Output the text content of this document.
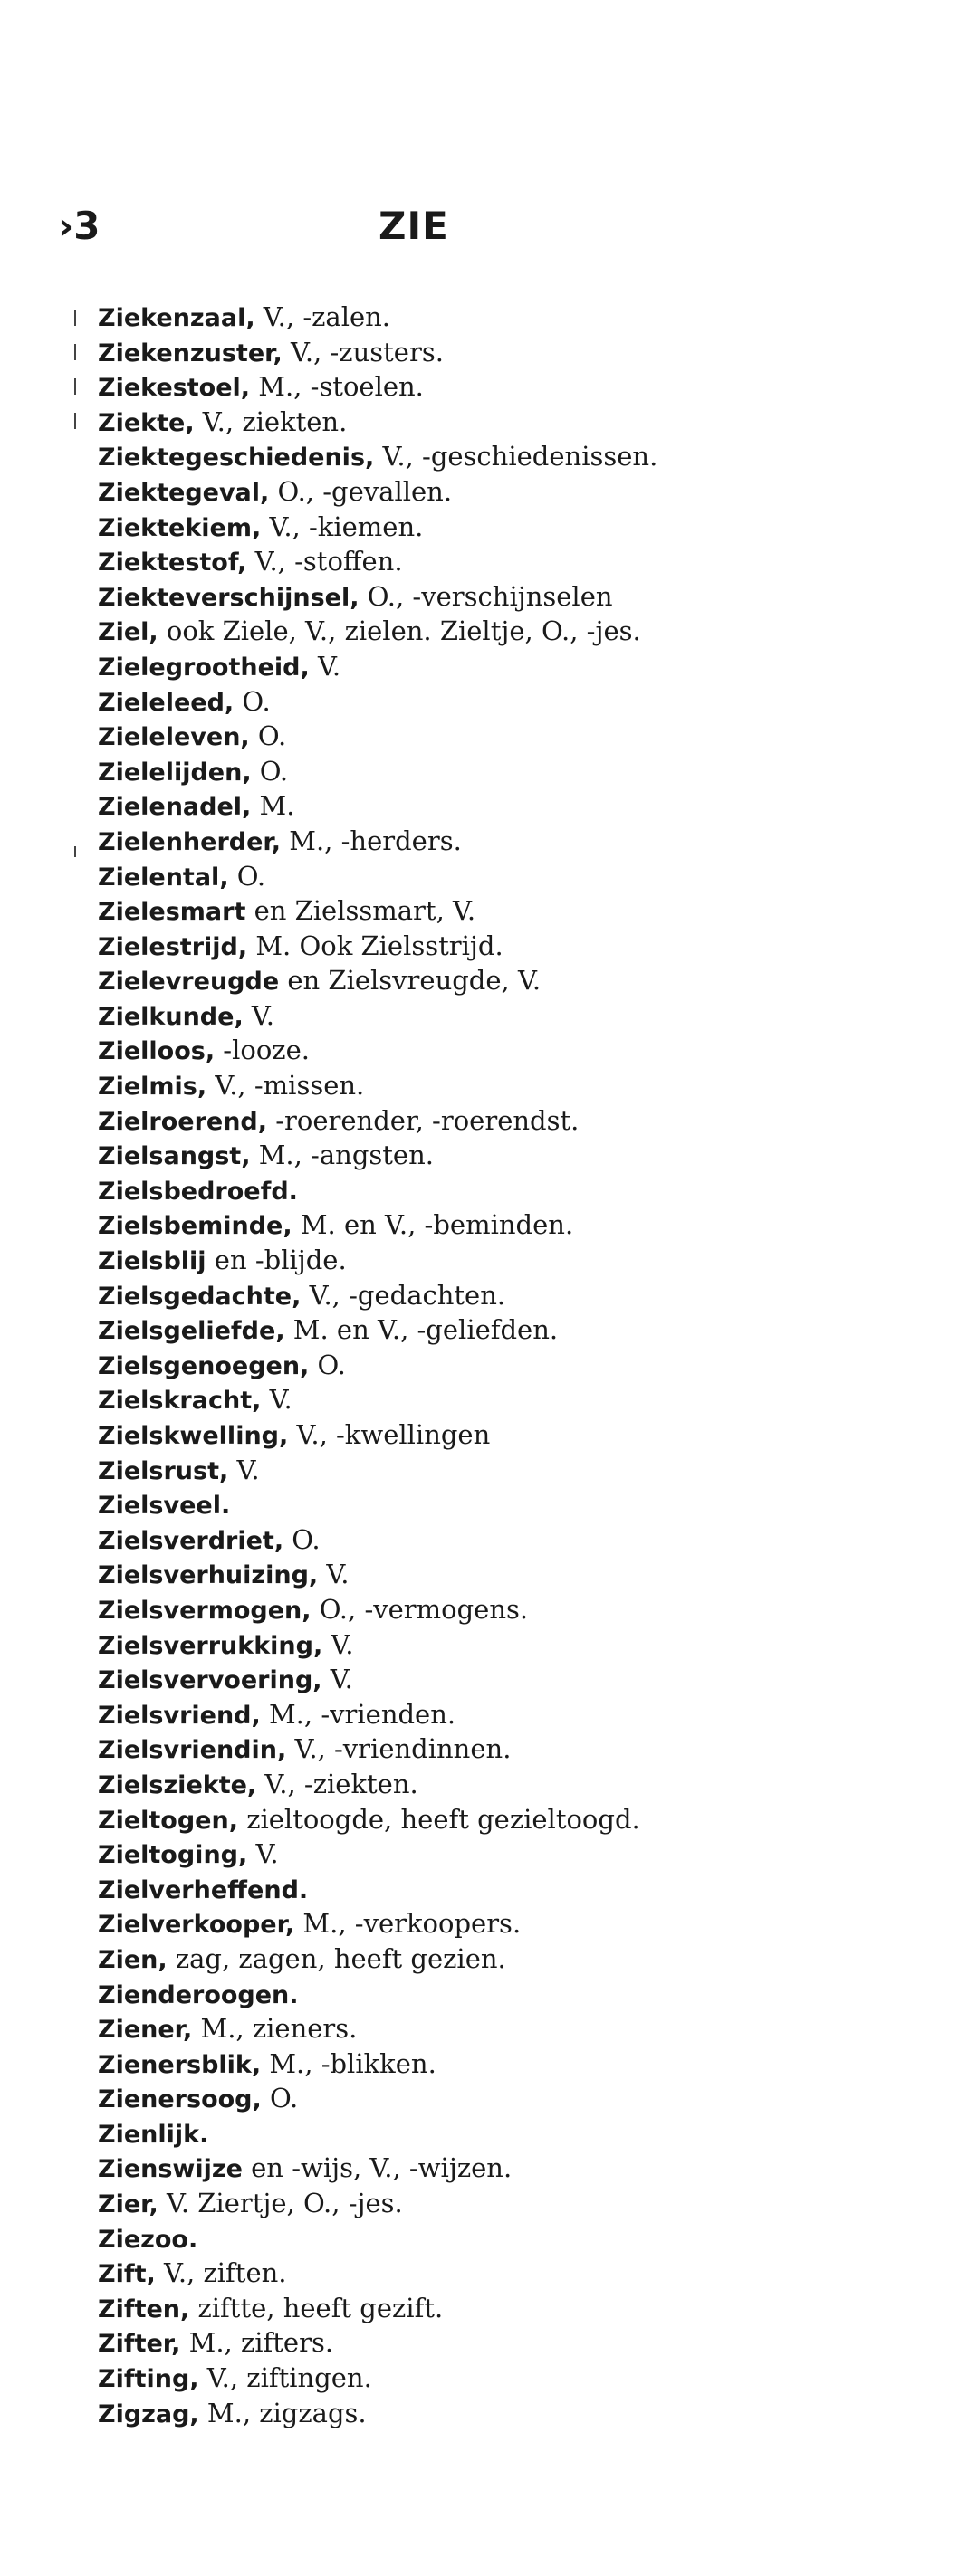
›3	ZIE
Ziekenzaal, V., -zalen.
Ziekenzuster, V., -zusters.
Ziekestoel, M., -stoelen.
Ziekte, V., ziekten.
Ziektegeschiedenis, V., -geschiedenissen.
Ziektegeval, O., -gevallen.
Ziektekiem, V., -kiemen.
Ziektestof, V., -stoffen.
Ziekteverschijnsel, O., -verschijnselen
Ziel, ook Ziele, V., zielen. Zieltje, O., -jes.
Zielegrootheid, V.
Zieleleed, O.
Zieleleven, O.
Zielelijden, O.
Zielenadel, M.
Zielenherder, M., -herders.
Zielental, O.
Zielesmart en Zielssmart, V.
Zielestrijd, M. Ook Zielsstrijd.
Zielevreugde en Zielsvreugde, V.
Zielkunde, V.
Zielloos, -looze.
Zielmis, V., -missen.
Zielroerend, -roerender, -roerendst.
Zielsangst, M., -angsten.
Zielsbedroefd.
Zielsbeminde, M. en V., -beminden.
Zielsblij en -blijde.
Zielsgedachte, V., -gedachten.
Zielsgeliefde, M. en V., -geliefden.
Zielsgenoegen, O.
Zielskracht, V.
Zielskwelling, V., -kwellingen
Zielsrust, V.
Zielsveel.
Zielsverdriet, O.
Zielsverhuizing, V.
Zielsvermogen, O., -vermogens.
Zielsverrukking, V.
Zielsvervoering, V.
Zielsvriend, M., -vrienden.
Zielsvriendin, V., -vriendinnen.
Zielsziekte, V., -ziekten.
Zieltogen, zieltoogde, heeft gezieltoogd.
Zieltoging, V.
Zielverheffend.
Zielverkooper, M., -verkoopers.
Zien, zag, zagen, heeft gezien.
Zienderoogen.
Ziener, M., zieners.
Zienersblik, M., -blikken.
Zienersoog, O.
Zienlijk.
Zienswijze en -wijs, V., -wijzen.
Zier, V. Ziertje, O., -jes.
Ziezoo.
Zift, V., ziften.
Ziften, ziftte, heeft gezift.
Zifter, M., zifters.
Zifting, V., ziftingen.
Zigzag, M., zigzags.
